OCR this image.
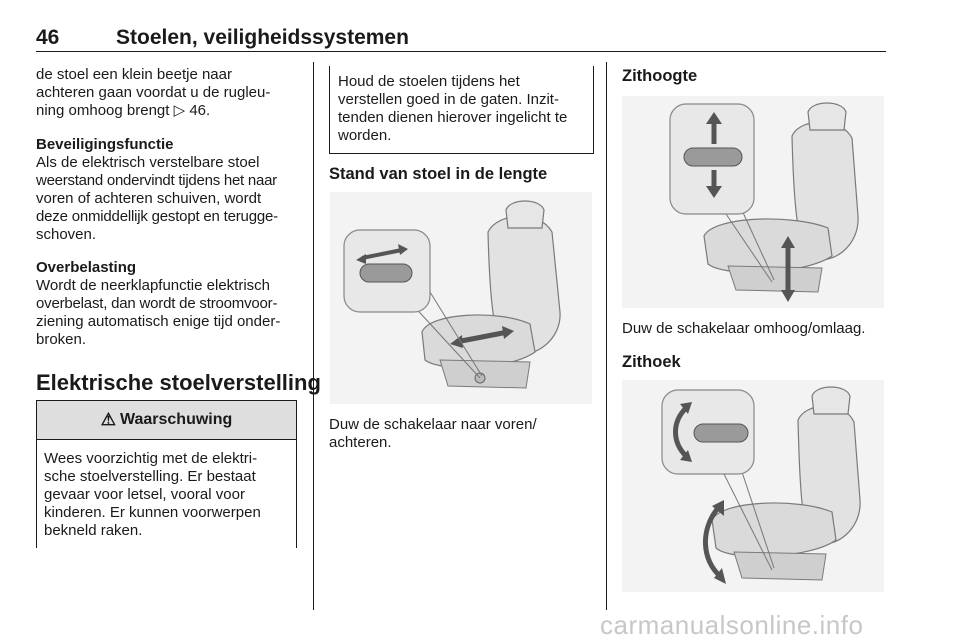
46	Stoelen, veiligheidssystemen
de stoel een klein beetje naar
achteren gaan voordat u de rugleu-
ning omhoog brengt ▷ 46.
Beveiligingsfunctie
Als de elektrisch verstelbare stoel
weerstand ondervindt tijdens het naar
voren of achteren schuiven, wordt
deze onmiddellijk gestopt en terugge-
schoven.
Overbelasting
Wordt de neerklapfunctie elektrisch
overbelast, dan wordt de stroomvoor-
ziening automatisch enige tijd onder-
broken.
Elektrische stoelverstelling
⚠ Waarschuwing
Wees voorzichtig met de elektri-
sche stoelverstelling. Er bestaat
gevaar voor letsel, vooral voor
kinderen. Er kunnen voorwerpen
bekneld raken.
Houd de stoelen tijdens het
verstellen goed in de gaten. Inzit-
tenden dienen hierover ingelicht te
worden.
Stand van stoel in de lengte
Duw de schakelaar naar voren/
achteren.
Zithoogte
Duw de schakelaar omhoog/omlaag.
Zithoek
carmanualsonline.info
